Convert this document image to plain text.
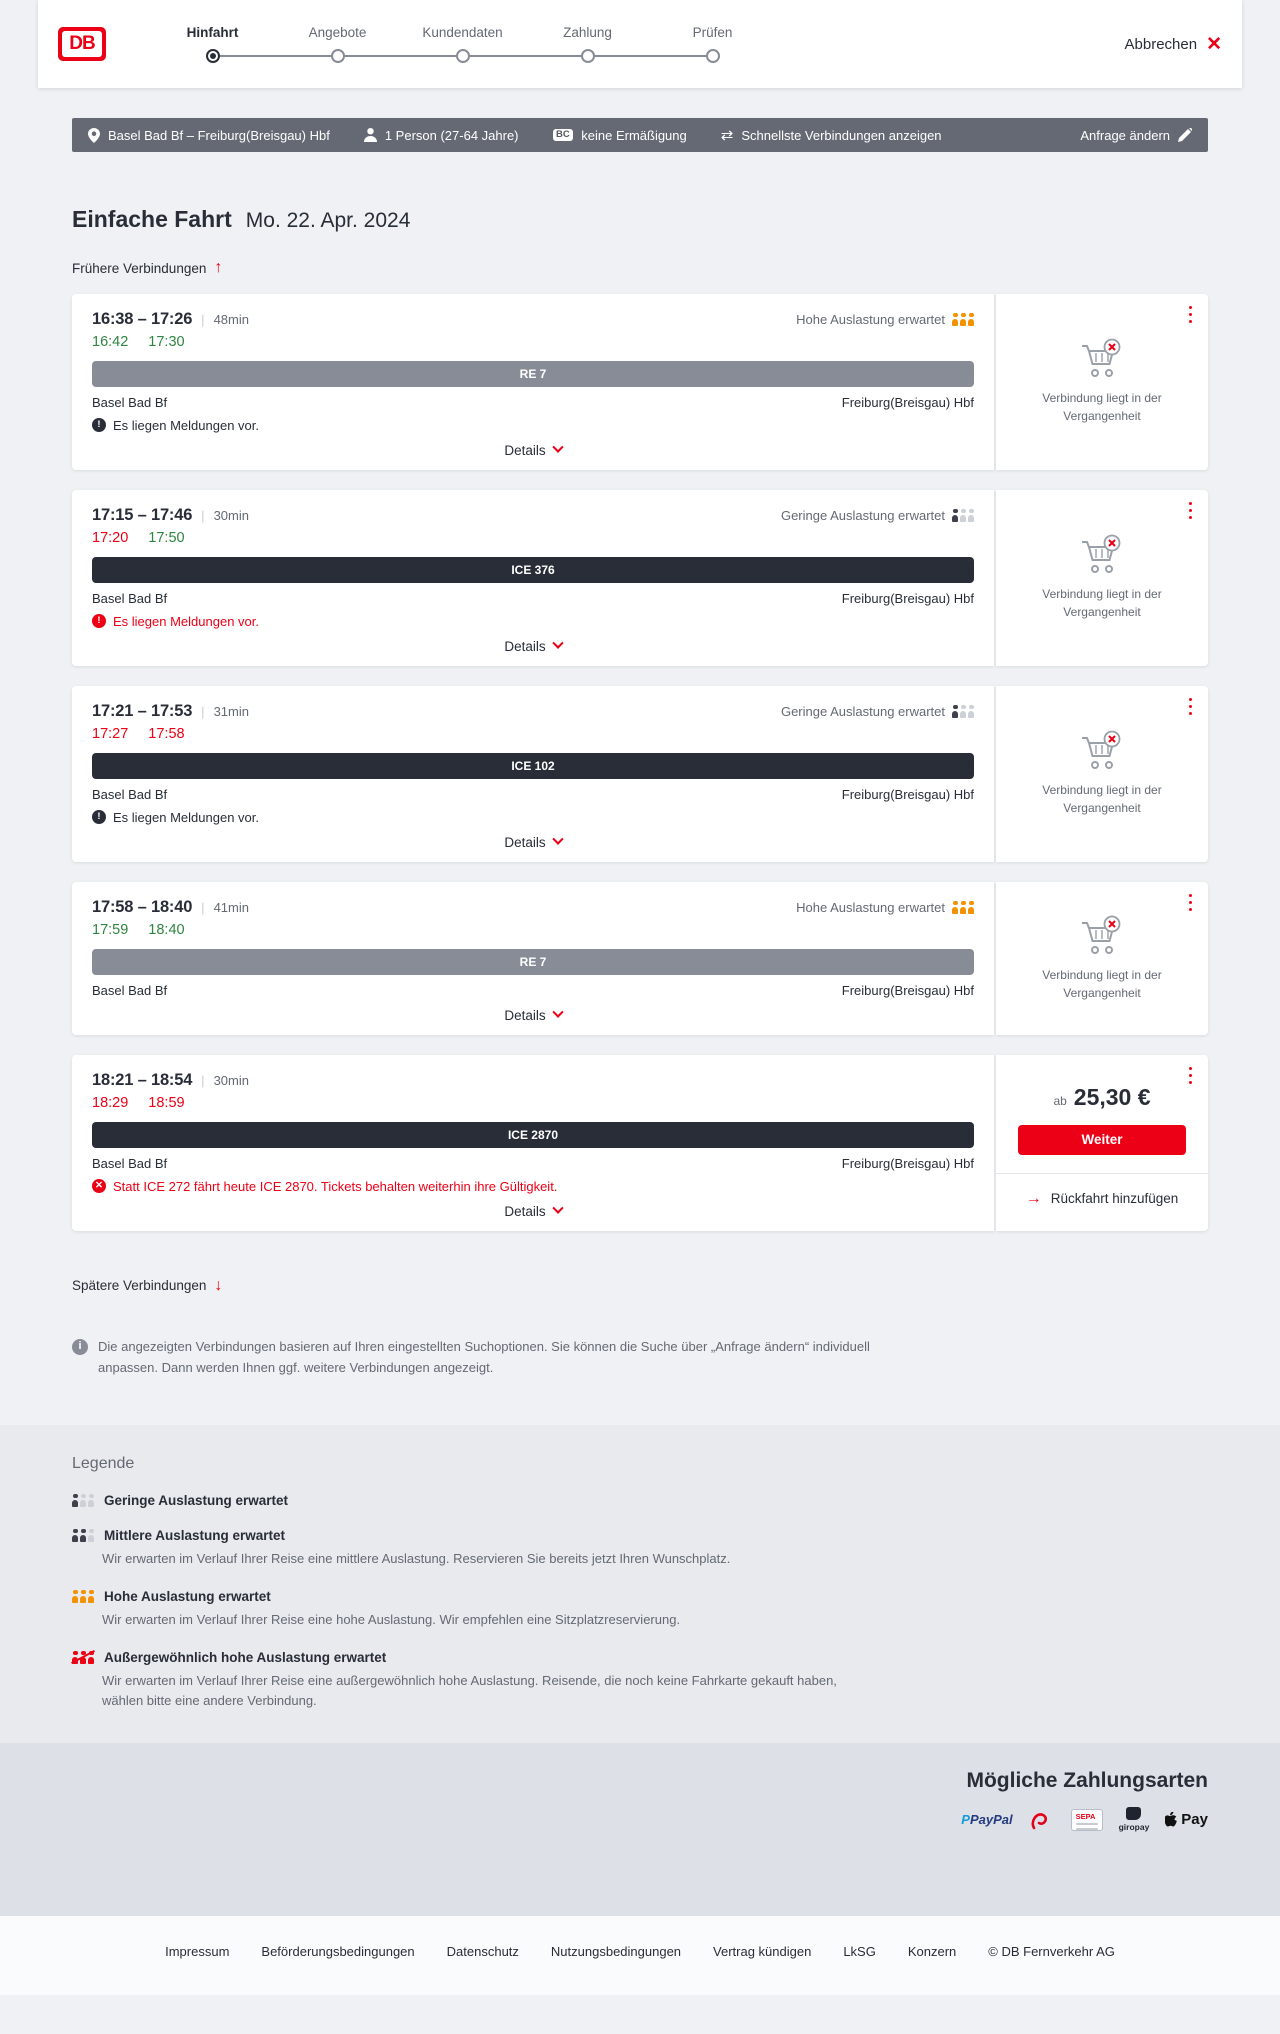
DB
Hinfahrt	Angebote	Kundendaten	Zahlung	Prüfen
Abbrechen ✕
Basel Bad Bf – Freiburg(Breisgau) Hbf	1 Person (27-64 Jahre)	BC keine Ermäßigung ⇄ Schnellste Verbindungen anzeigen	Anfrage ändern
Einfache Fahrt Mo. 22. Apr. 2024
Frühere Verbindungen ↑
16:38 – 17:26 | 48min	Hohe Auslastung erwartet
16:42 17:30
RE 7
Basel Bad Bf	Freiburg(Breisgau) Hbf
!
Es liegen Meldungen vor.
Details
Verbindung liegt in der Vergangenheit
17:15 – 17:46 | 30min	Geringe Auslastung erwartet
17:20 17:50
ICE 376
Basel Bad Bf	Freiburg(Breisgau) Hbf
!
Es liegen Meldungen vor.
Details
Verbindung liegt in der Vergangenheit
17:21 – 17:53 | 31min	Geringe Auslastung erwartet
17:27 17:58
ICE 102
Basel Bad Bf	Freiburg(Breisgau) Hbf
!
Es liegen Meldungen vor.
Details
Verbindung liegt in der Vergangenheit
17:58 – 18:40 | 41min	Hohe Auslastung erwartet
17:59 18:40
RE 7
Basel Bad Bf	Freiburg(Breisgau) Hbf
Details
Verbindung liegt in der Vergangenheit
18:21 – 18:54 | 30min
18:29 18:59
ICE 2870
Basel Bad Bf	Freiburg(Breisgau) Hbf
✕
Statt ICE 272 fährt heute ICE 2870. Tickets behalten weiterhin ihre Gültigkeit.
Details
ab 25,30 €
Weiter
→ Rückfahrt hinzufügen
Spätere Verbindungen ↓
i	Die angezeigten Verbindungen basieren auf Ihren eingestellten Suchoptionen. Sie können die Suche über „Anfrage ändern“ individuell anpassen. Dann werden Ihnen ggf. weitere Verbindungen angezeigt.
Legende
Geringe Auslastung erwartet
Mittlere Auslastung erwartet
Wir erwarten im Verlauf Ihrer Reise eine mittlere Auslastung. Reservieren Sie bereits jetzt Ihren Wunschplatz.
Hohe Auslastung erwartet
Wir erwarten im Verlauf Ihrer Reise eine hohe Auslastung. Wir empfehlen eine Sitzplatzreservierung.
Außergewöhnlich hohe Auslastung erwartet
Wir erwarten im Verlauf Ihrer Reise eine außergewöhnlich hohe Auslastung. Reisende, die noch keine Fahrkarte gekauft haben, wählen bitte eine andere Verbindung.
Mögliche Zahlungsarten
P PayPal	SEPA
giropay Pay
Impressum Beförderungsbedingungen Datenschutz Nutzungsbedingungen Vertrag kündigen LkSG Konzern © DB Fernverkehr AG
